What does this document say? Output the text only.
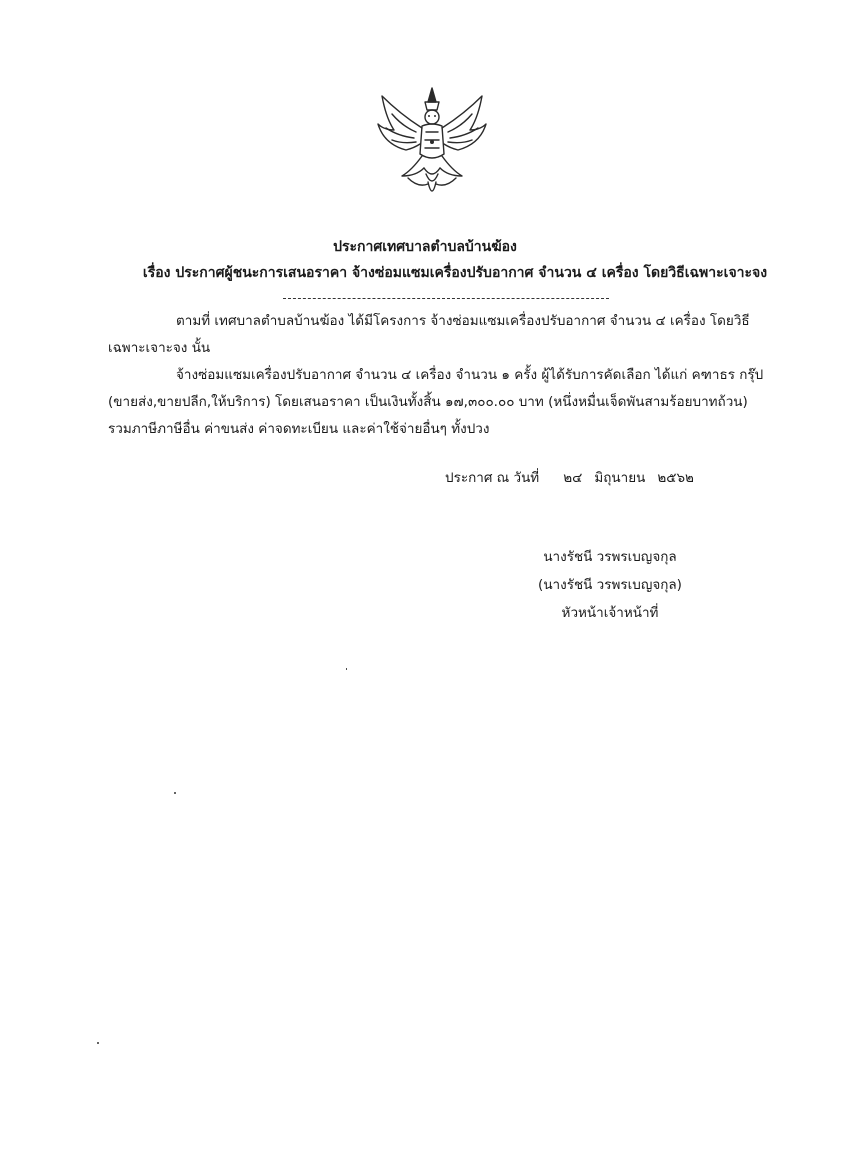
ประกาศเทศบาลตำบลบ้านฆ้อง
เรื่อง ประกาศผู้ชนะการเสนอราคา จ้างซ่อมแซมเครื่องปรับอากาศ จำนวน ๔ เครื่อง โดยวิธีเฉพาะเจาะจง
ตามที่ เทศบาลตำบลบ้านฆ้อง ได้มีโครงการ จ้างซ่อมแซมเครื่องปรับอากาศ จำนวน ๔ เครื่อง โดยวิธี
เฉพาะเจาะจง นั้น
จ้างซ่อมแซมเครื่องปรับอากาศ จำนวน ๔ เครื่อง จำนวน ๑ ครั้ง ผู้ได้รับการคัดเลือก ได้แก่ คฑาธร กรุ๊ป
(ขายส่ง,ขายปลีก,ให้บริการ) โดยเสนอราคา เป็นเงินทั้งสิ้น ๑๗,๓๐๐.๐๐ บาท (หนึ่งหมื่นเจ็ดพันสามร้อยบาทถ้วน)
รวมภาษีภาษีอื่น ค่าขนส่ง ค่าจดทะเบียน และค่าใช้จ่ายอื่นๆ ทั้งปวง
ประกาศ ณ วันที่ ๒๔ มิถุนายน ๒๕๖๒
นางรัชนี วรพรเบญจกุล
(นางรัชนี วรพรเบญจกุล)
หัวหน้าเจ้าหน้าที่
